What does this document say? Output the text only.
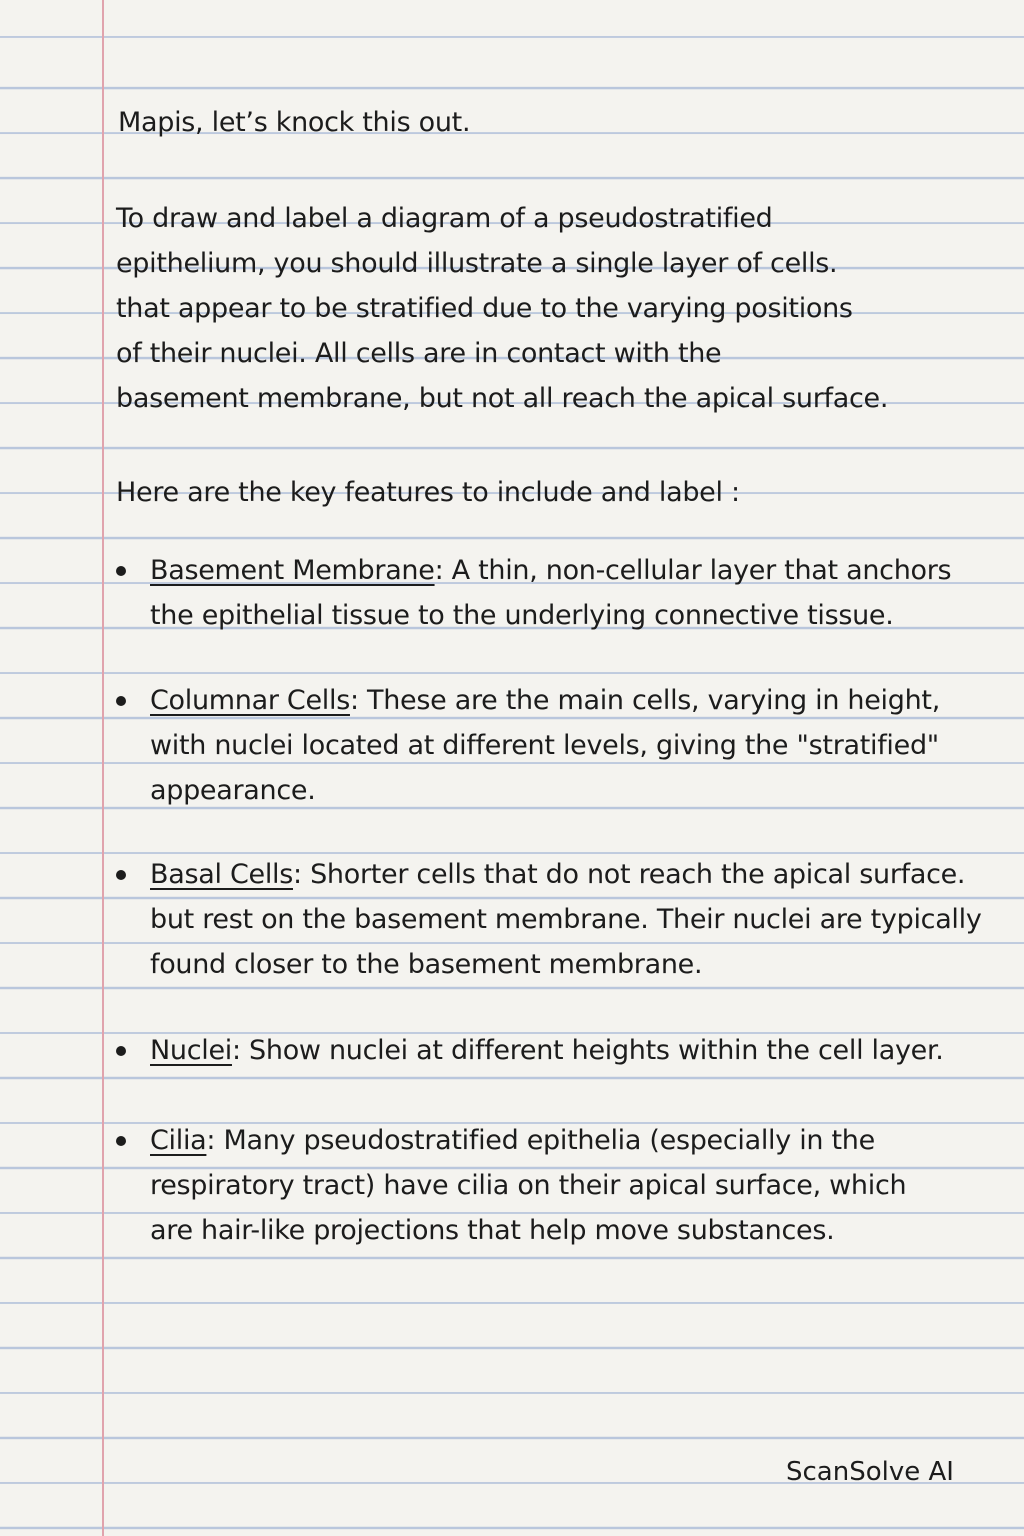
Mapis, let’s knock this out.
To draw and label a diagram of a pseudostratified
epithelium, you should illustrate a single layer of cells.
that appear to be stratified due to the varying positions
of their nuclei. All cells are in contact with the
basement membrane, but not all reach the apical surface.
Here are the key features to include and label :
Basement Membrane: A thin, non-cellular layer that anchors
the epithelial tissue to the underlying connective tissue.
Columnar Cells: These are the main cells, varying in height,
with nuclei located at different levels, giving the "stratified"
appearance.
Basal Cells: Shorter cells that do not reach the apical surface.
but rest on the basement membrane. Their nuclei are typically
found closer to the basement membrane.
Nuclei: Show nuclei at different heights within the cell layer.
Cilia: Many pseudostratified epithelia (especially in the
respiratory tract) have cilia on their apical surface, which
are hair-like projections that help move substances.
ScanSolve AI
